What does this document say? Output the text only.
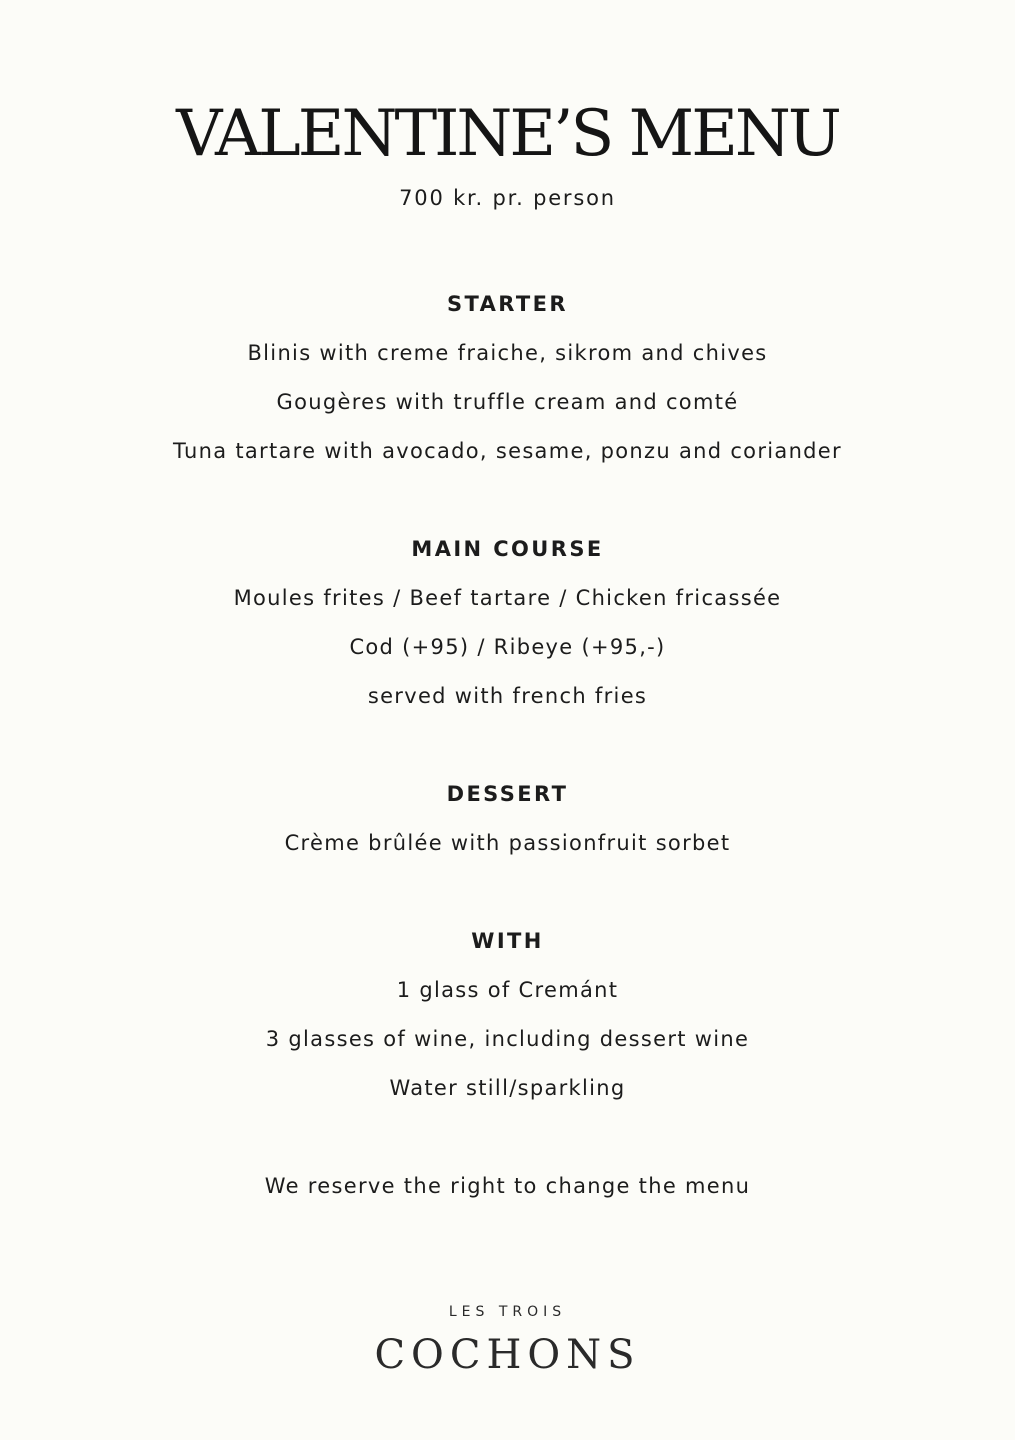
VALENTINE’S MENU
700 kr. pr. person
STARTER
Blinis with creme fraiche, sikrom and chives
Gougères with truffle cream and comté
Tuna tartare with avocado, sesame, ponzu and coriander
MAIN COURSE
Moules frites / Beef tartare / Chicken fricassée
Cod (+95) / Ribeye (+95,-)
served with french fries
DESSERT
Crème brûlée with passionfruit sorbet
WITH
1 glass of Cremánt
3 glasses of wine, including dessert wine
Water still/sparkling
We reserve the right to change the menu
LES TROIS
COCHONS
